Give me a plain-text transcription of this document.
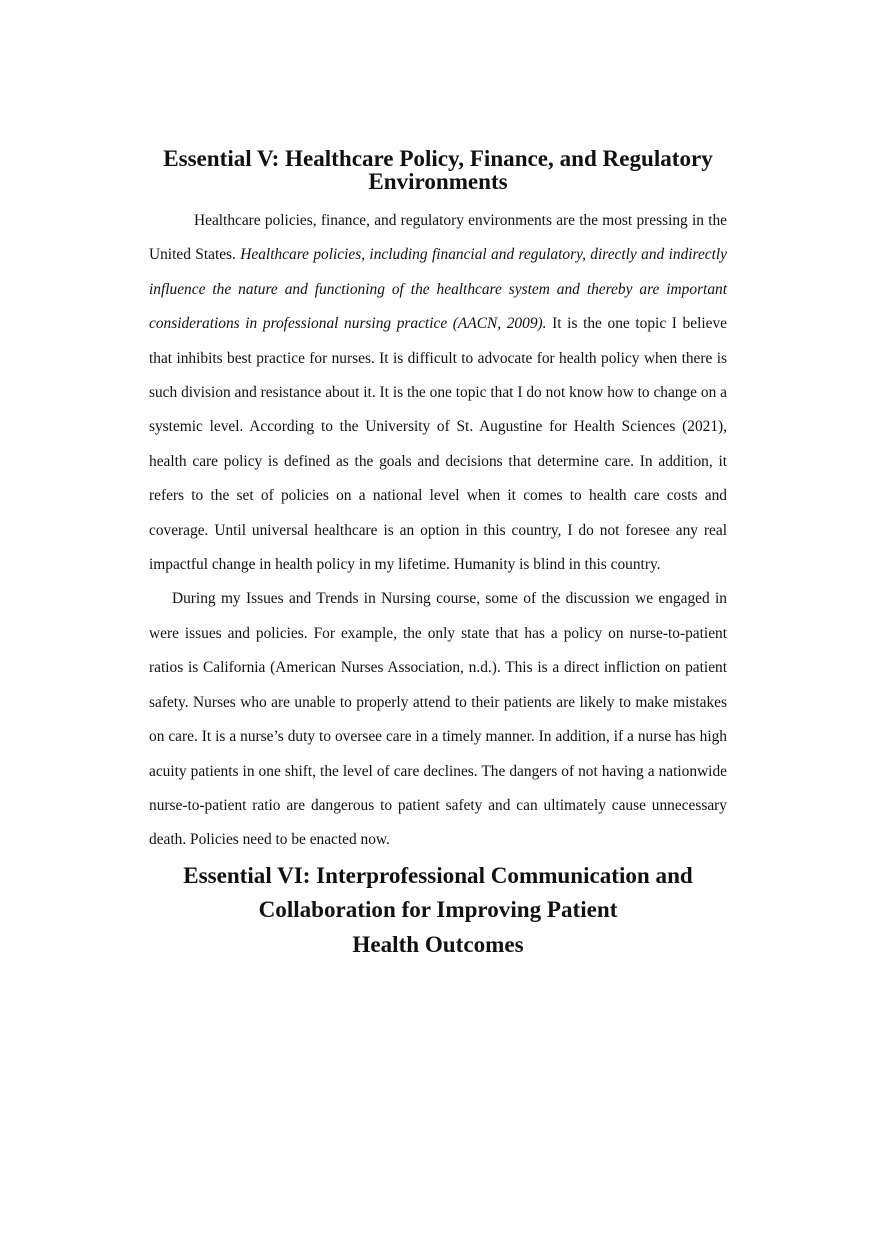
Essential V: Healthcare Policy, Finance, and Regulatory Environments

Healthcare policies, finance, and regulatory environments are the most pressing in the United States. Healthcare policies, including financial and regulatory, directly and indirectly influence the nature and functioning of the healthcare system and thereby are important considerations in professional nursing practice (AACN, 2009). It is the one topic I believe that inhibits best practice for nurses. It is difficult to advocate for health policy when there is such division and resistance about it. It is the one topic that I do not know how to change on a systemic level. According to the University of St. Augustine for Health Sciences (2021), health care policy is defined as the goals and decisions that determine care. In addition, it refers to the set of policies on a national level when it comes to health care costs and coverage. Until universal healthcare is an option in this country, I do not foresee any real impactful change in health policy in my lifetime. Humanity is blind in this country.

During my Issues and Trends in Nursing course, some of the discussion we engaged in were issues and policies. For example, the only state that has a policy on nurse-to-patient ratios is California (American Nurses Association, n.d.). This is a direct infliction on patient safety. Nurses who are unable to properly attend to their patients are likely to make mistakes on care. It is a nurse’s duty to oversee care in a timely manner. In addition, if a nurse has high acuity patients in one shift, the level of care declines. The dangers of not having a nationwide nurse-to-patient ratio are dangerous to patient safety and can ultimately cause unnecessary death. Policies need to be enacted now.

Essential VI: Interprofessional Communication and Collaboration for Improving Patient
Health Outcomes
